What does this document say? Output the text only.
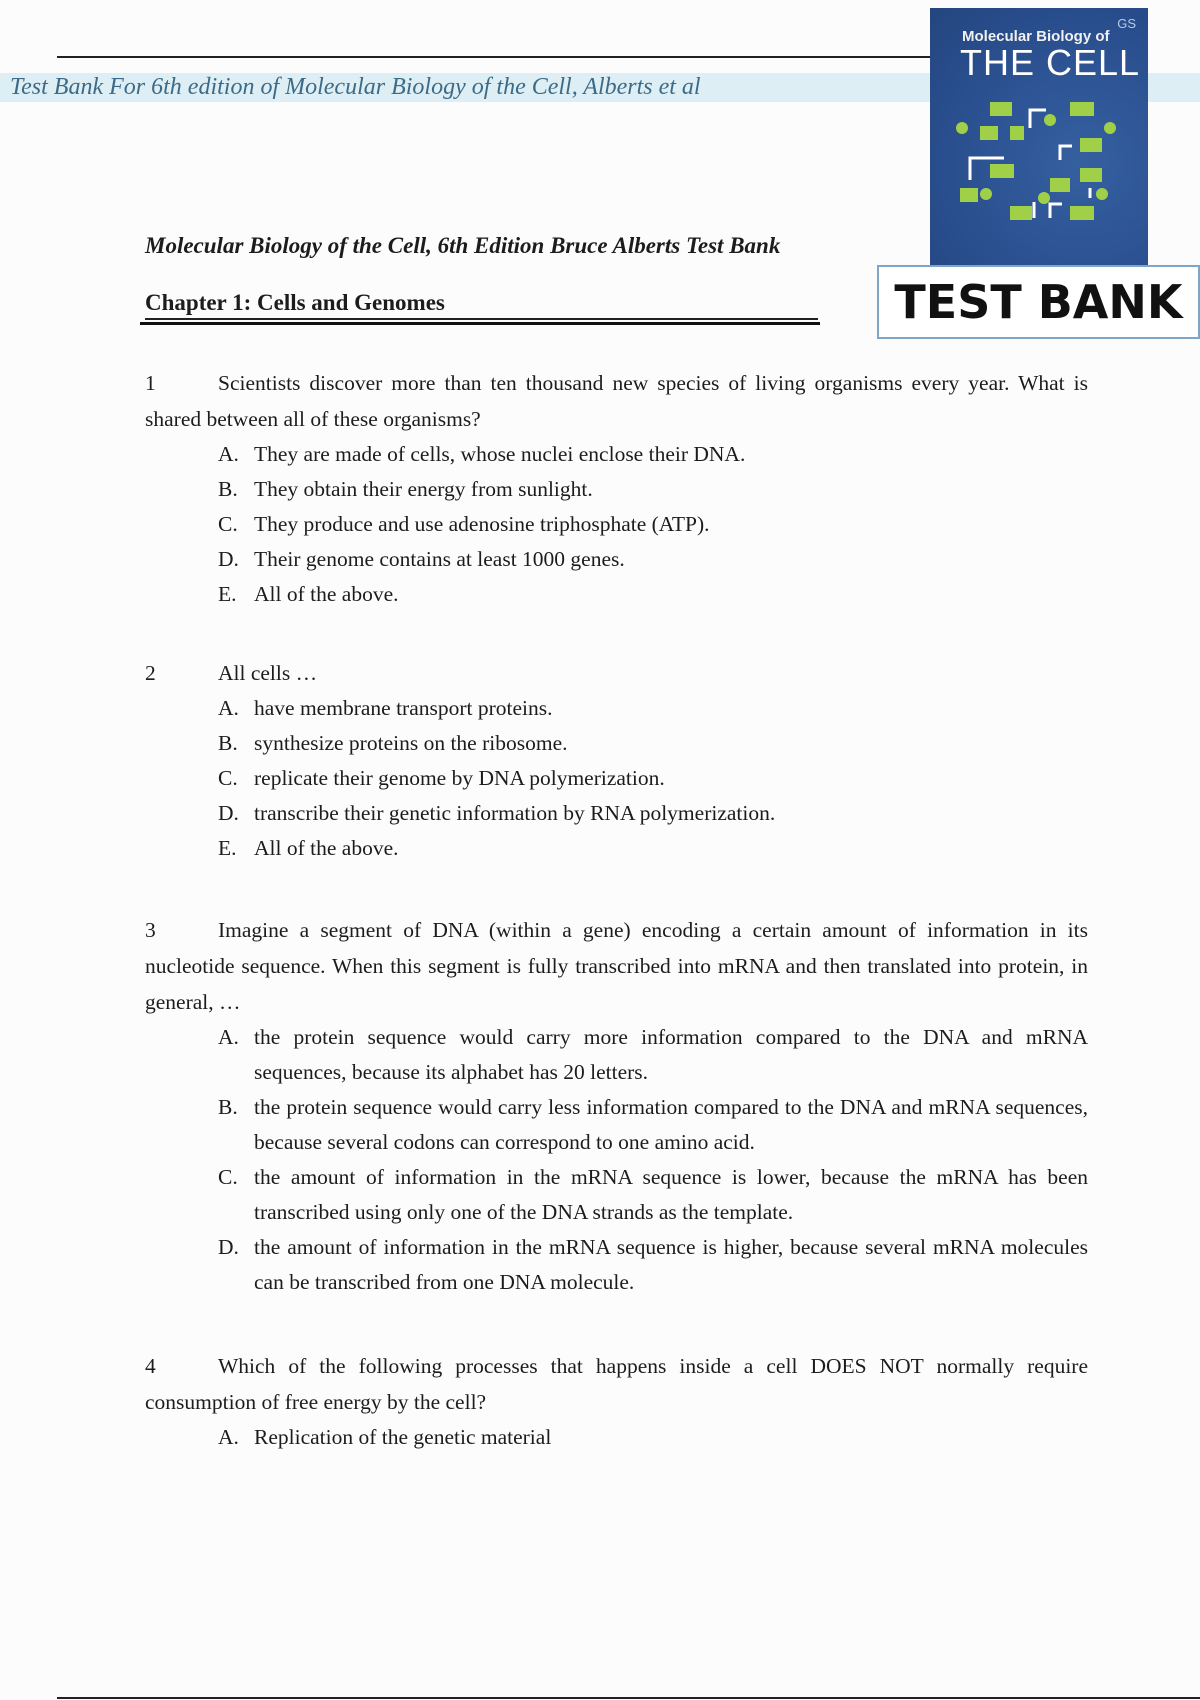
Test Bank For 6th edition of Molecular Biology of the Cell, Alberts et al
GS
Molecular Biology of
THE CELL
TEST BANK
Molecular Biology of the Cell, 6th Edition Bruce Alberts Test Bank
Chapter 1: Cells and Genomes
1	Scientists discover more than ten thousand new species of living organisms every year. What is shared between all of these organisms?
A. They are made of cells, whose nuclei enclose their DNA.
B. They obtain their energy from sunlight.
C. They produce and use adenosine triphosphate (ATP).
D. Their genome contains at least 1000 genes.
E. All of the above.
2	All cells …
A. have membrane transport proteins.
B. synthesize proteins on the ribosome.
C. replicate their genome by DNA polymerization.
D. transcribe their genetic information by RNA polymerization.
E. All of the above.
3	Imagine a segment of DNA (within a gene) encoding a certain amount of information in its nucleotide sequence. When this segment is fully transcribed into mRNA and then translated into protein, in general, …
A. the protein sequence would carry more information compared to the DNA and mRNA sequences, because its alphabet has 20 letters.
B. the protein sequence would carry less information compared to the DNA and mRNA sequences, because several codons can correspond to one amino acid.
C. the amount of information in the mRNA sequence is lower, because the mRNA has been transcribed using only one of the DNA strands as the template.
D. the amount of information in the mRNA sequence is higher, because several mRNA molecules can be transcribed from one DNA molecule.
4	Which of the following processes that happens inside a cell DOES NOT normally require consumption of free energy by the cell?
A. Replication of the genetic material
